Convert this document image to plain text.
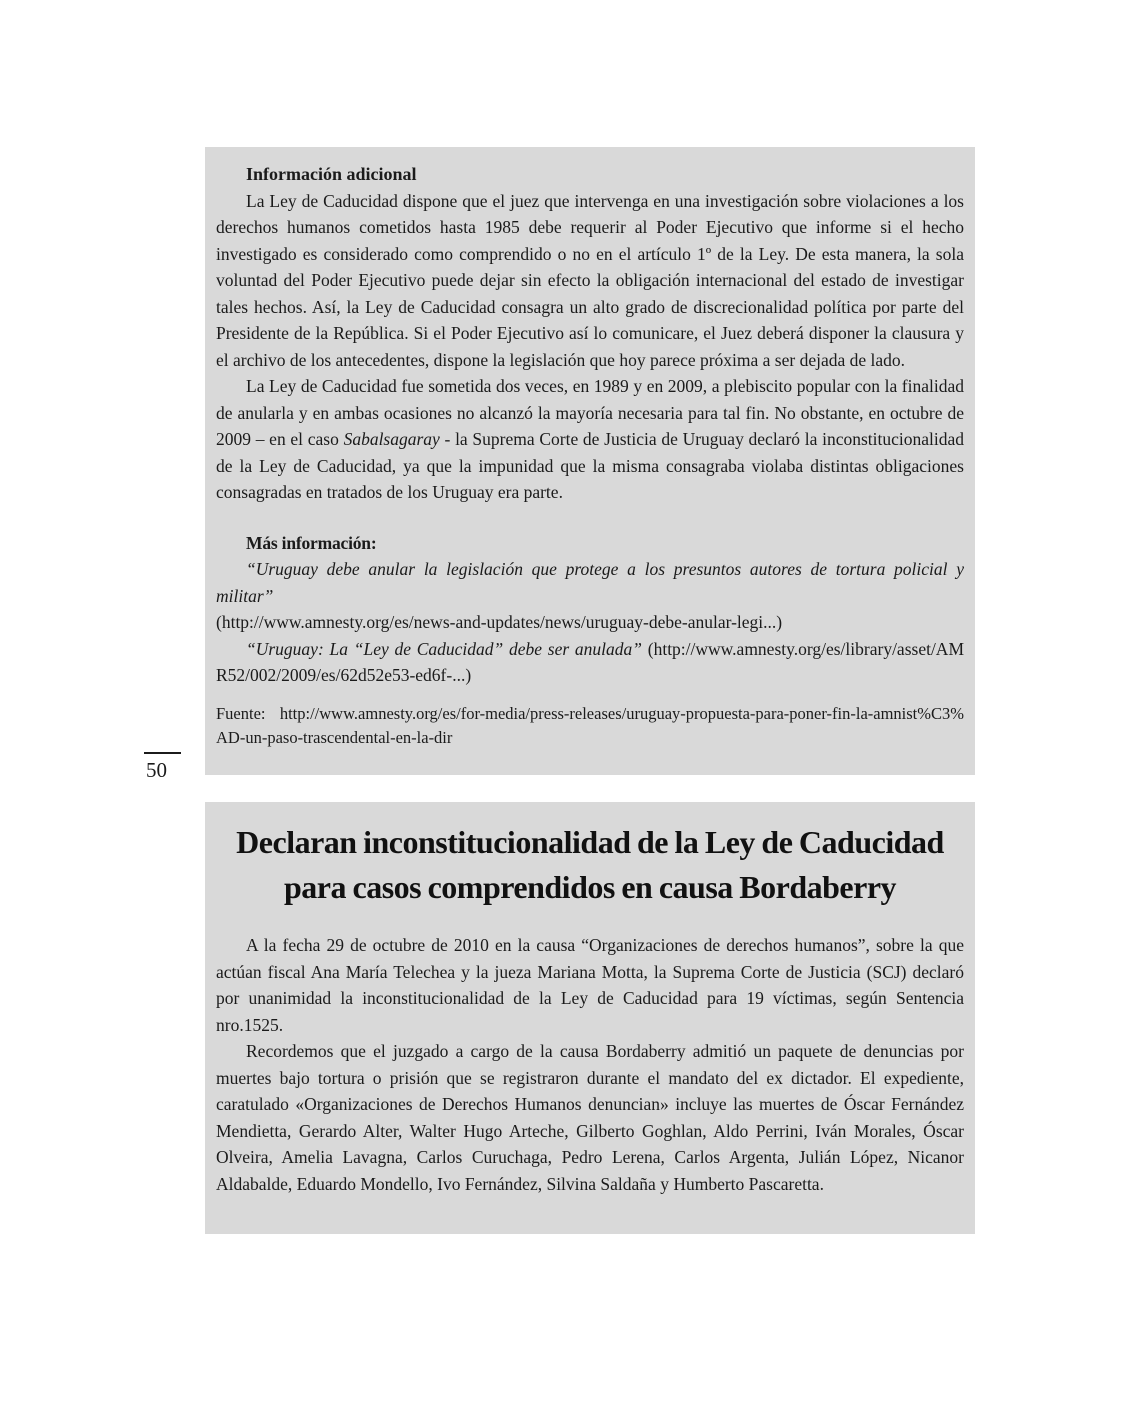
50
Información adicional

La Ley de Caducidad dispone que el juez que intervenga en una investigación sobre violaciones a los derechos humanos cometidos hasta 1985 debe requerir al Poder Ejecutivo que informe si el hecho investigado es considerado como comprendido o no en el artículo 1º de la Ley. De esta manera, la sola voluntad del Poder Ejecutivo puede dejar sin efecto la obligación internacional del estado de investigar tales hechos. Así, la Ley de Caducidad consagra un alto grado de discrecionalidad política por parte del Presidente de la República. Si el Poder Ejecutivo así lo comunicare, el Juez deberá disponer la clausura y el archivo de los antecedentes, dispone la legislación que hoy parece próxima a ser dejada de lado.

La Ley de Caducidad fue sometida dos veces, en 1989 y en 2009, a plebiscito popular con la finalidad de anularla y en ambas ocasiones no alcanzó la mayoría necesaria para tal fin. No obstante, en octubre de 2009 – en el caso Sabalsagaray - la Suprema Corte de Justicia de Uruguay declaró la inconstitucionalidad de la Ley de Caducidad, ya que la impunidad que la misma consagraba violaba distintas obligaciones consagradas en tratados de los Uruguay era parte.

Más información:

“Uruguay debe anular la legislación que protege a los presuntos autores de tortura policial y militar”

(http://www.amnesty.org/es/news-and-updates/news/uruguay-debe-anular-legi...)

“Uruguay: La “Ley de Caducidad” debe ser anulada” (http://www.amnesty.org/es/library/asset/AMR52/002/2009/es/62d52e53-ed6f-...)

Fuente: http://www.amnesty.org/es/for-media/press-releases/uruguay-propuesta-para-poner-fin-la-amnist%C3%AD-un-paso-trascendental-en-la-dir

Declaran inconstitucionalidad de la Ley de Caducidad
para casos comprendidos en causa Bordaberry

A la fecha 29 de octubre de 2010 en la causa “Organizaciones de derechos humanos”, sobre la que actúan fiscal Ana María Telechea y la jueza Mariana Motta, la Suprema Corte de Justicia (SCJ) declaró por unanimidad la inconstitucionalidad de la Ley de Caducidad para 19 víctimas, según Sentencia nro.1525.

Recordemos que el juzgado a cargo de la causa Bordaberry admitió un paquete de denuncias por muertes bajo tortura o prisión que se registraron durante el mandato del ex dictador. El expediente, caratulado «Organizaciones de Derechos Humanos denuncian» incluye las muertes de Óscar Fernández Mendietta, Gerardo Alter, Walter Hugo Arteche, Gilberto Goghlan, Aldo Perrini, Iván Morales, Óscar Olveira, Amelia Lavagna, Carlos Curuchaga, Pedro Lerena, Carlos Argenta, Julián López, Nicanor Aldabalde, Eduardo Mondello, Ivo Fernández, Silvina Saldaña y Humberto Pascaretta.
